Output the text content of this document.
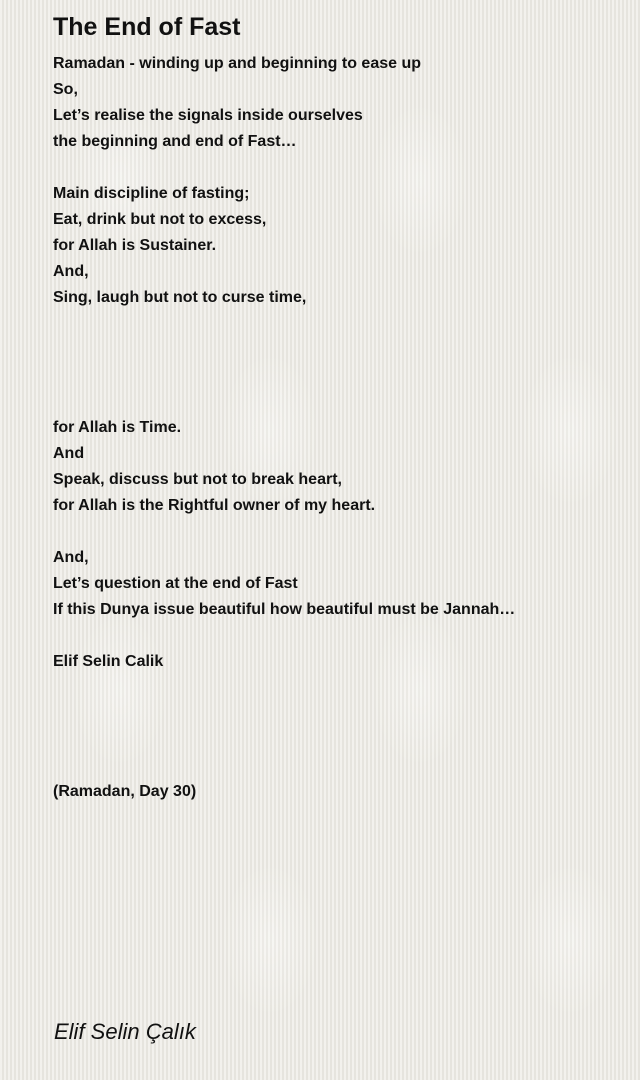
The End of Fast
Ramadan - winding up and beginning to ease up
So,
Let’s realise the signals inside ourselves
the beginning and end of Fast…
Main discipline of fasting;
Eat, drink but not to excess,
for Allah is Sustainer.
And,
Sing, laugh but not to curse time,
for Allah is Time.
And
Speak, discuss but not to break heart,
for Allah is the Rightful owner of my heart.
And,
Let’s question at the end of Fast
If this Dunya issue beautiful how beautiful must be Jannah…
Elif Selin Calik
(Ramadan, Day 30)
Elif Selin Çalık
